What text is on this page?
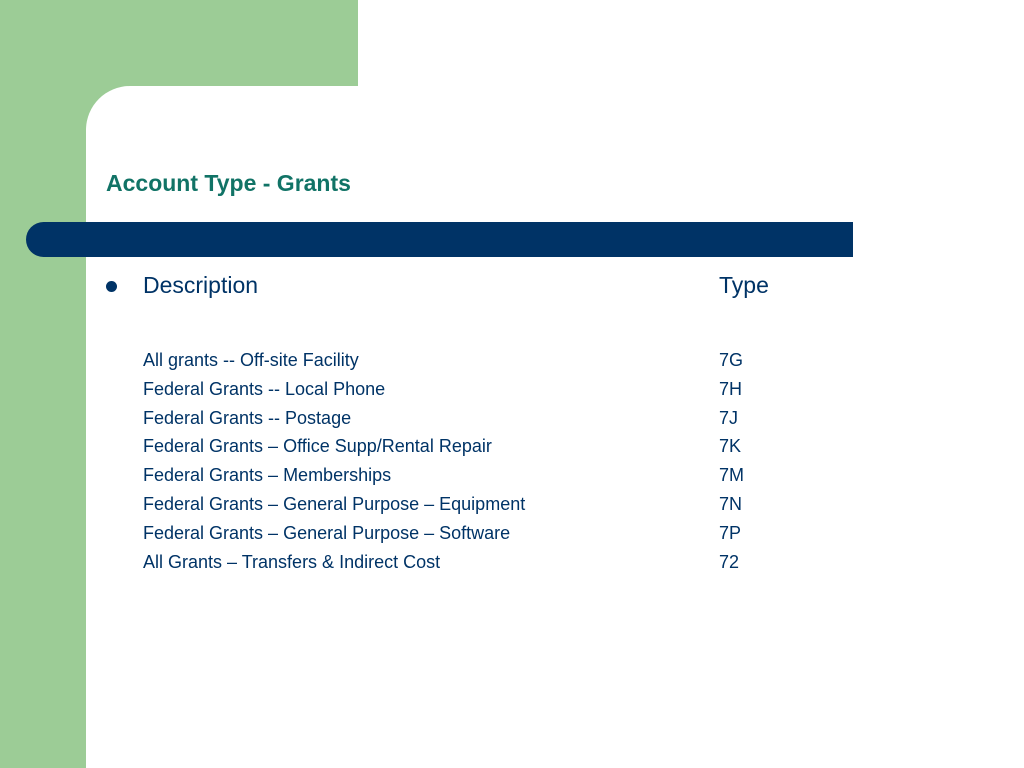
Account Type - Grants
Description	Type
All grants -- Off-site Facility	7G
Federal Grants -- Local Phone	7H
Federal Grants -- Postage	7J
Federal Grants – Office Supp/Rental Repair	7K
Federal Grants – Memberships	7M
Federal Grants – General Purpose – Equipment	7N
Federal Grants – General Purpose – Software	7P
All Grants – Transfers & Indirect Cost	72
